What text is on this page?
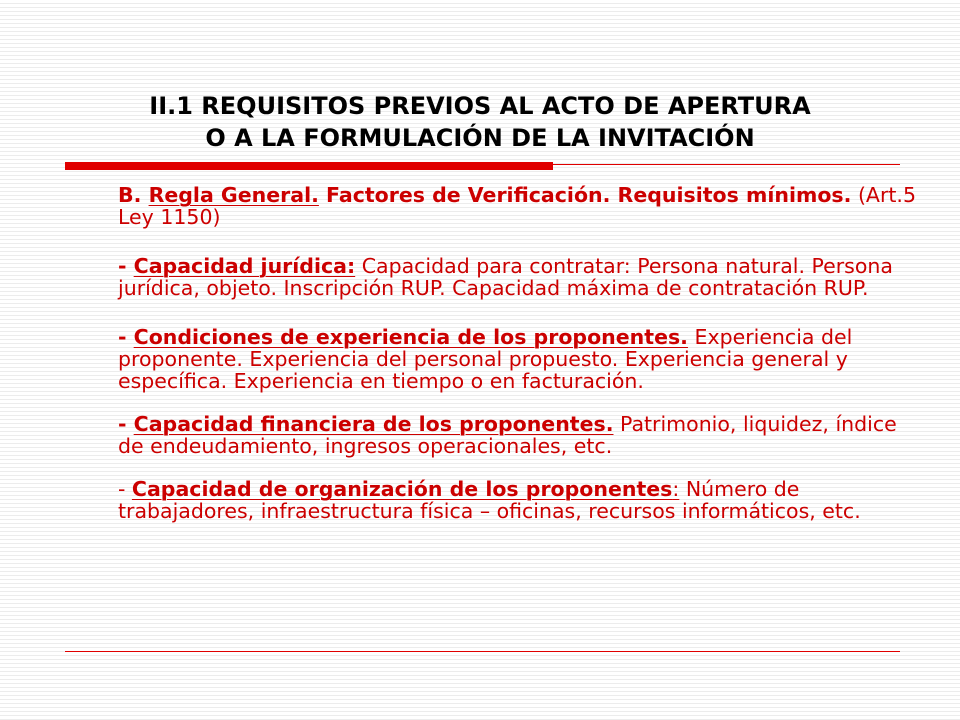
II.1 REQUISITOS PREVIOS AL ACTO DE APERTURA
O A LA FORMULACIÓN DE LA INVITACIÓN

B. Regla General. Factores de Verificación. Requisitos mínimos. (Art.5 Ley 1150)

- Capacidad jurídica: Capacidad para contratar: Persona natural. Persona jurídica, objeto. Inscripción RUP. Capacidad máxima de contratación RUP.

- Condiciones de experiencia de los proponentes. Experiencia del proponente. Experiencia del personal propuesto. Experiencia general y específica. Experiencia en tiempo o en facturación.

- Capacidad financiera de los proponentes. Patrimonio, liquidez, índice de endeudamiento, ingresos operacionales, etc.

- Capacidad de organización de los proponentes: Número de trabajadores, infraestructura física – oficinas, recursos informáticos, etc.
